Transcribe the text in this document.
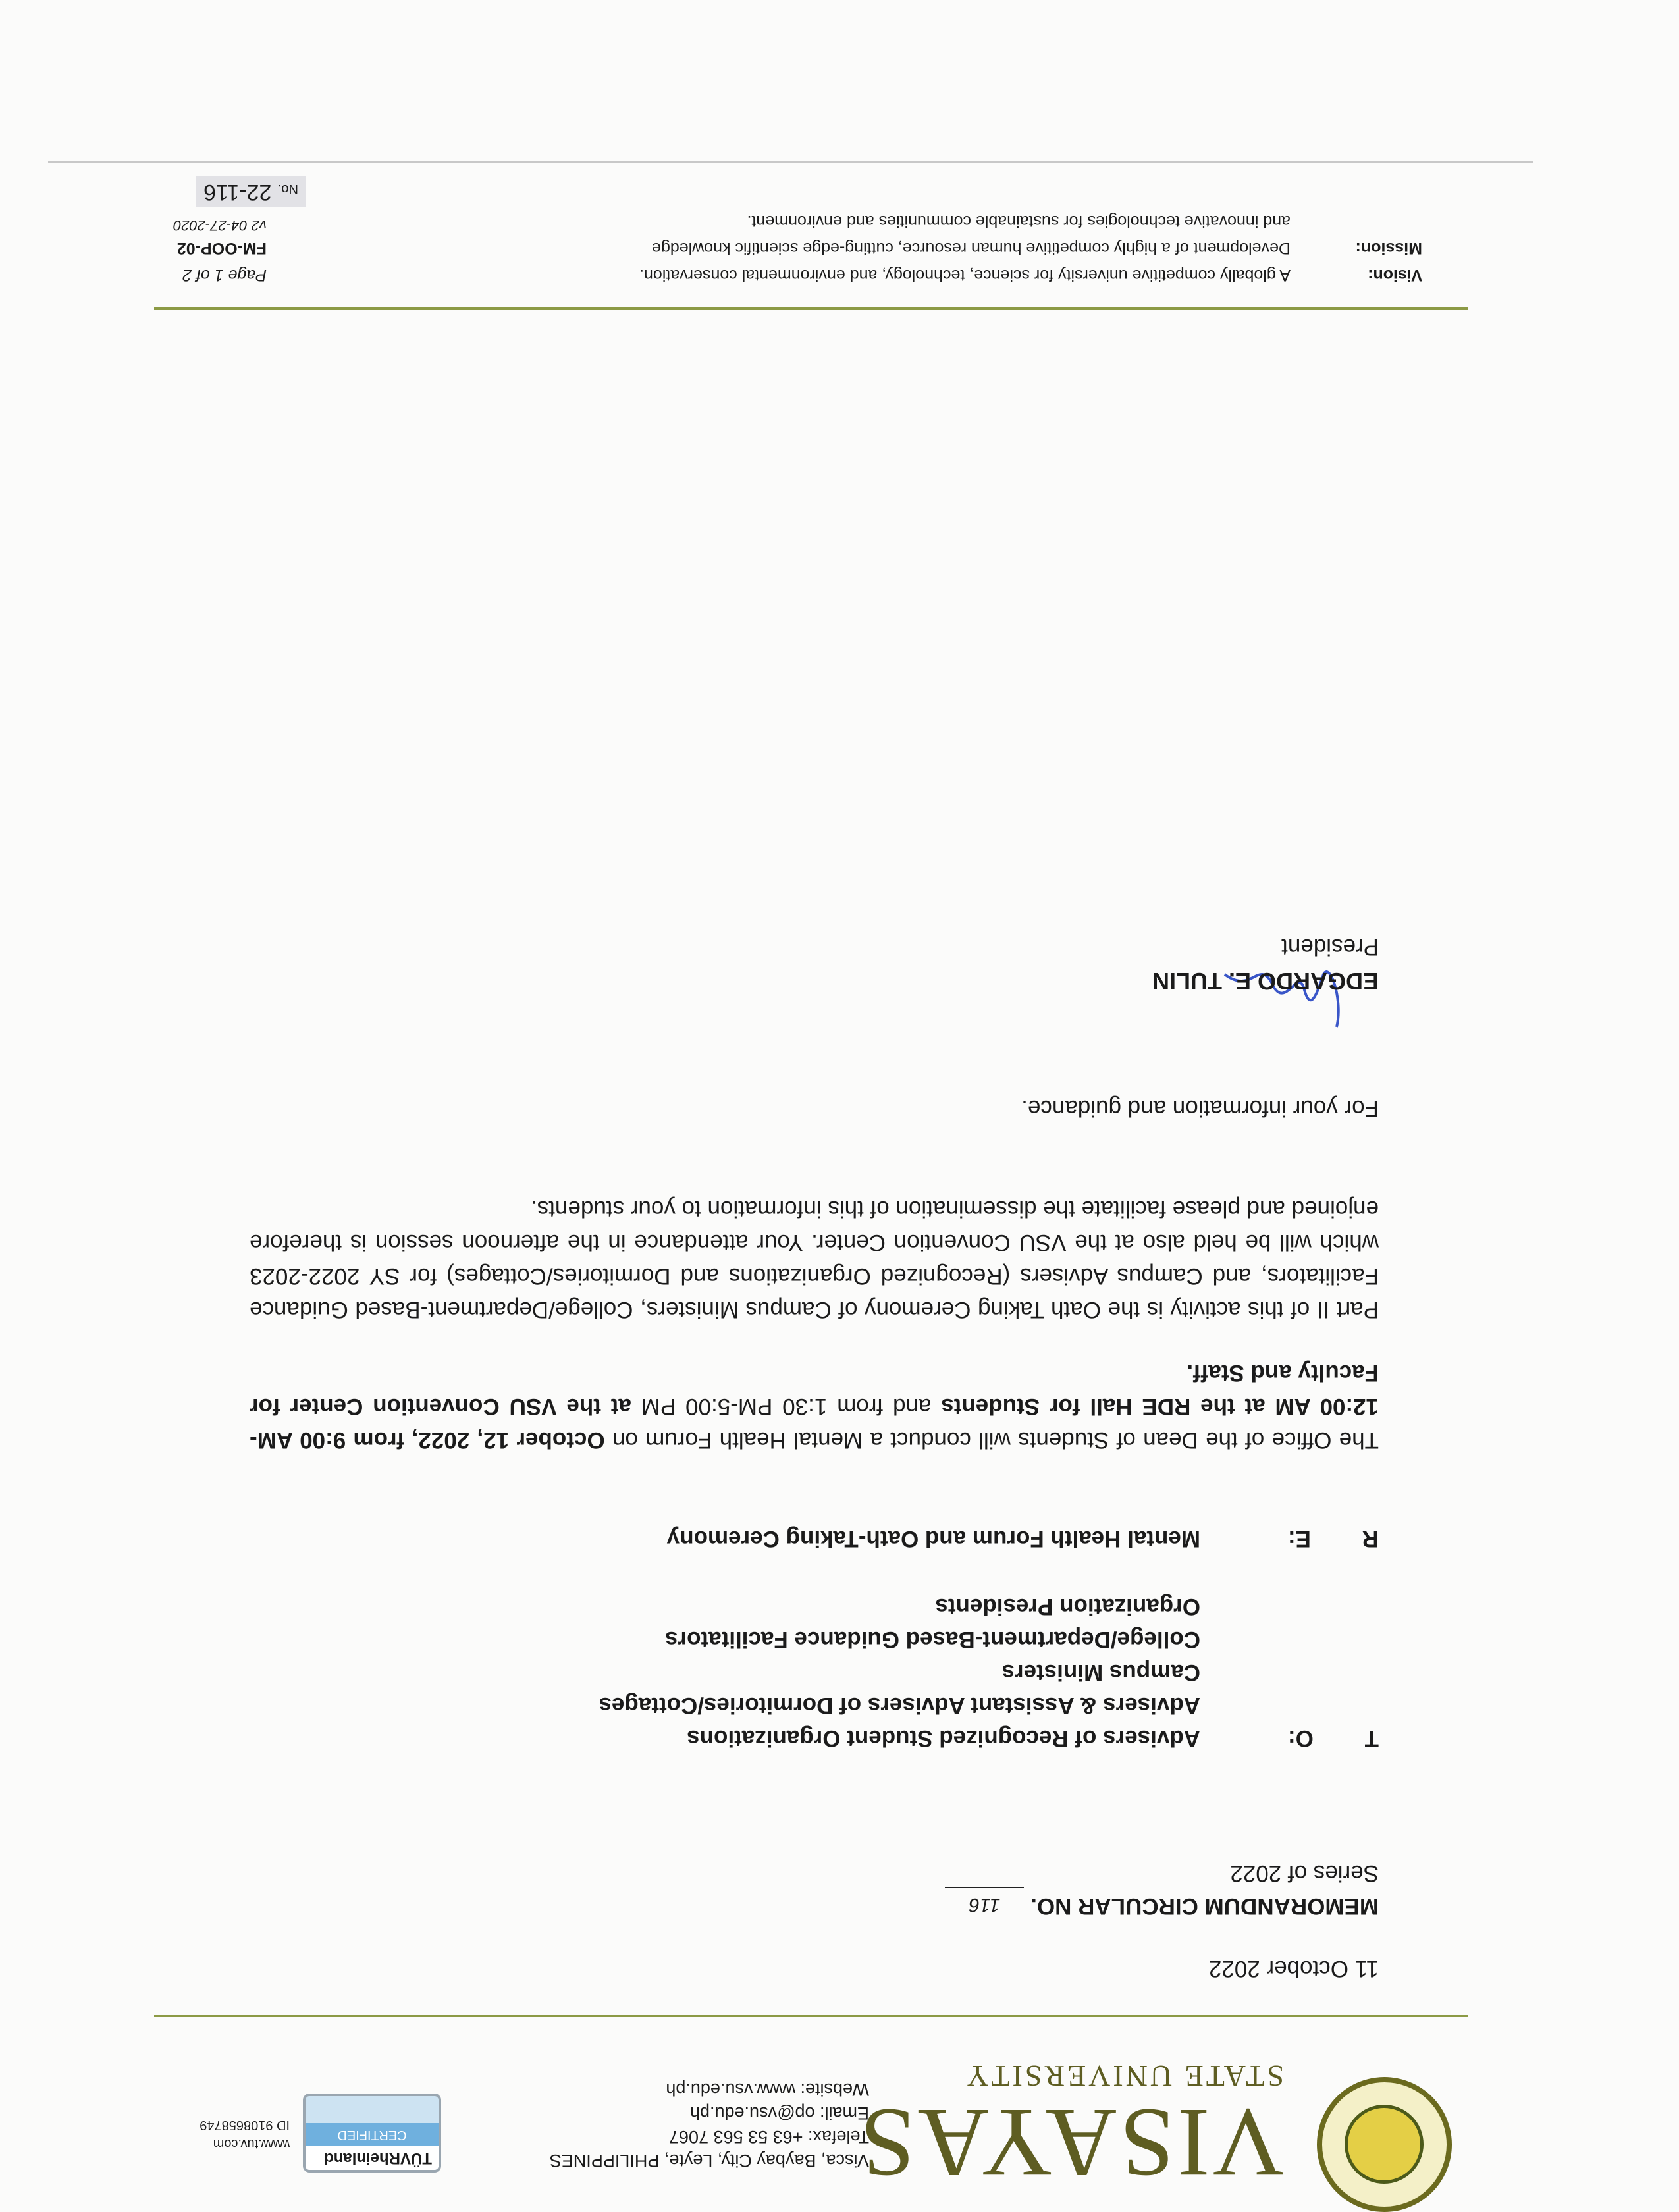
VISAYAS
STATE UNIVERSITY
Visca, Baybay City, Leyte, PHILIPPINES
Telefax: +63 53 563 7067
Email: op@vsu.edu.ph
Website: www.vsu.edu.ph
TÜVRheinland
CERTIFIED
www.tuv.com
ID 9108658749
11 October 2022
MEMORANDUM CIRCULAR NO. 116
Series of 2022
T        O:
Advisers of Recognized Student Organizations
Advisers & Assistant Advisers of Dormitories/Cottages
Campus Ministers
College/Department-Based Guidance Facilitators
Organization Presidents
R        E:
Mental Health Forum and Oath-Taking Ceremony
The Office of the Dean of Students will conduct a Mental Health Forum on October 12, 2022, from 9:00 AM-12:00 AM at the RDE Hall for Students and from 1:30 PM-5:00 PM at the VSU Convention Center for Faculty and Staff.
Part II of this activity is the Oath Taking Ceremony of Campus Ministers, College/Department-Based Guidance Facilitators, and Campus Advisers (Recognized Organizations and Dormitories/Cottages) for SY 2022-2023 which will be held also at the VSU Convention Center. Your attendance in the afternoon session is therefore enjoined and please facilitate the dissemination of this information to your students.
For your information and guidance.
EDGARDO E. TULIN
President
Vision:
Mission:
A globally competitive university for science, technology, and environmental conservation.
Development of a highly competitive human resource, cutting-edge scientific knowledge
and innovative technologies for sustainable communities and environment.
Page 1 of 2
FM-OOP-02
v2 04-27-2020
No. 22-116
